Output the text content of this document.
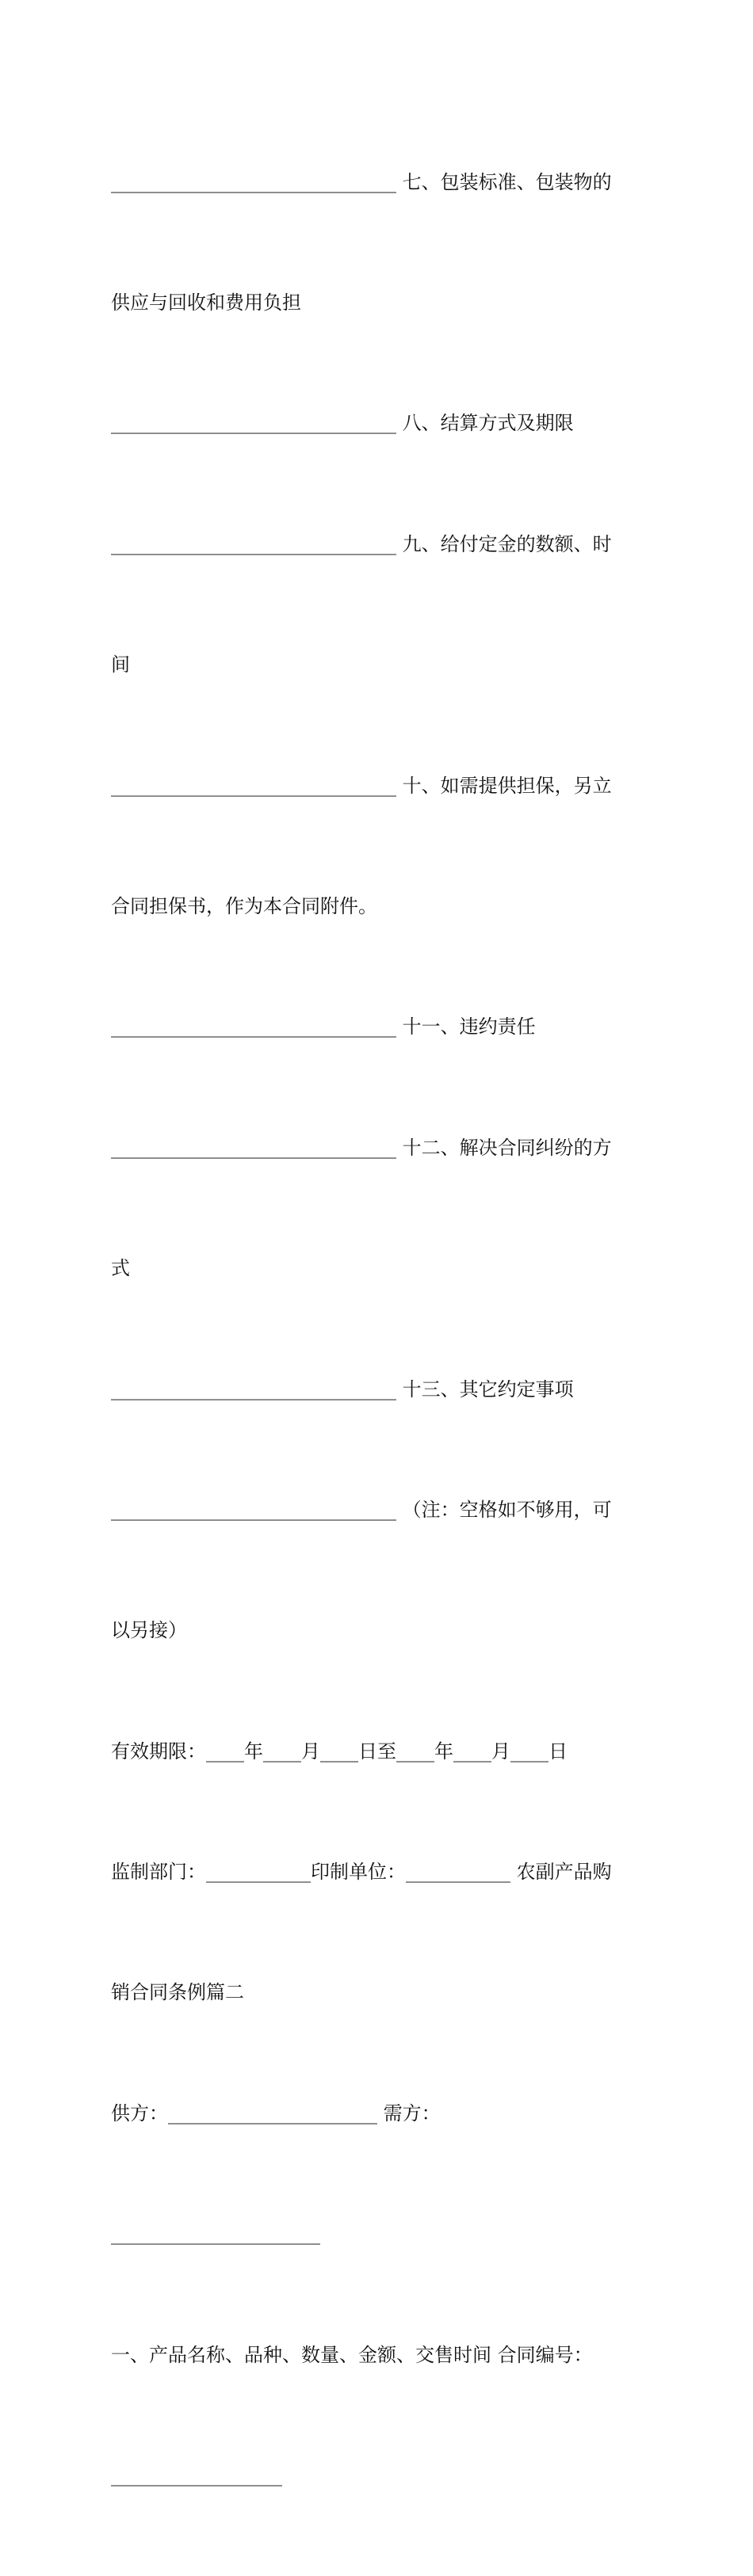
______________________________ 七、包装标准、包装物的

供应与回收和费用负担

______________________________ 八、结算方式及期限

______________________________ 九、给付定金的数额、时

间

______________________________ 十、如需提供担保，另立

合同担保书，作为本合同附件。

______________________________ 十一、违约责任

______________________________ 十二、解决合同纠纷的方

式

______________________________ 十三、其它约定事项

______________________________ （注：空格如不够用，可

以另接）

有效期限：____年____月____日至____年____月____日

监制部门：___________印制单位：___________ 农副产品购

销合同条例篇二

供方：______________________ 需方：

______________________

一、产品名称、品种、数量、金额、交售时间 合同编号：

__________________
